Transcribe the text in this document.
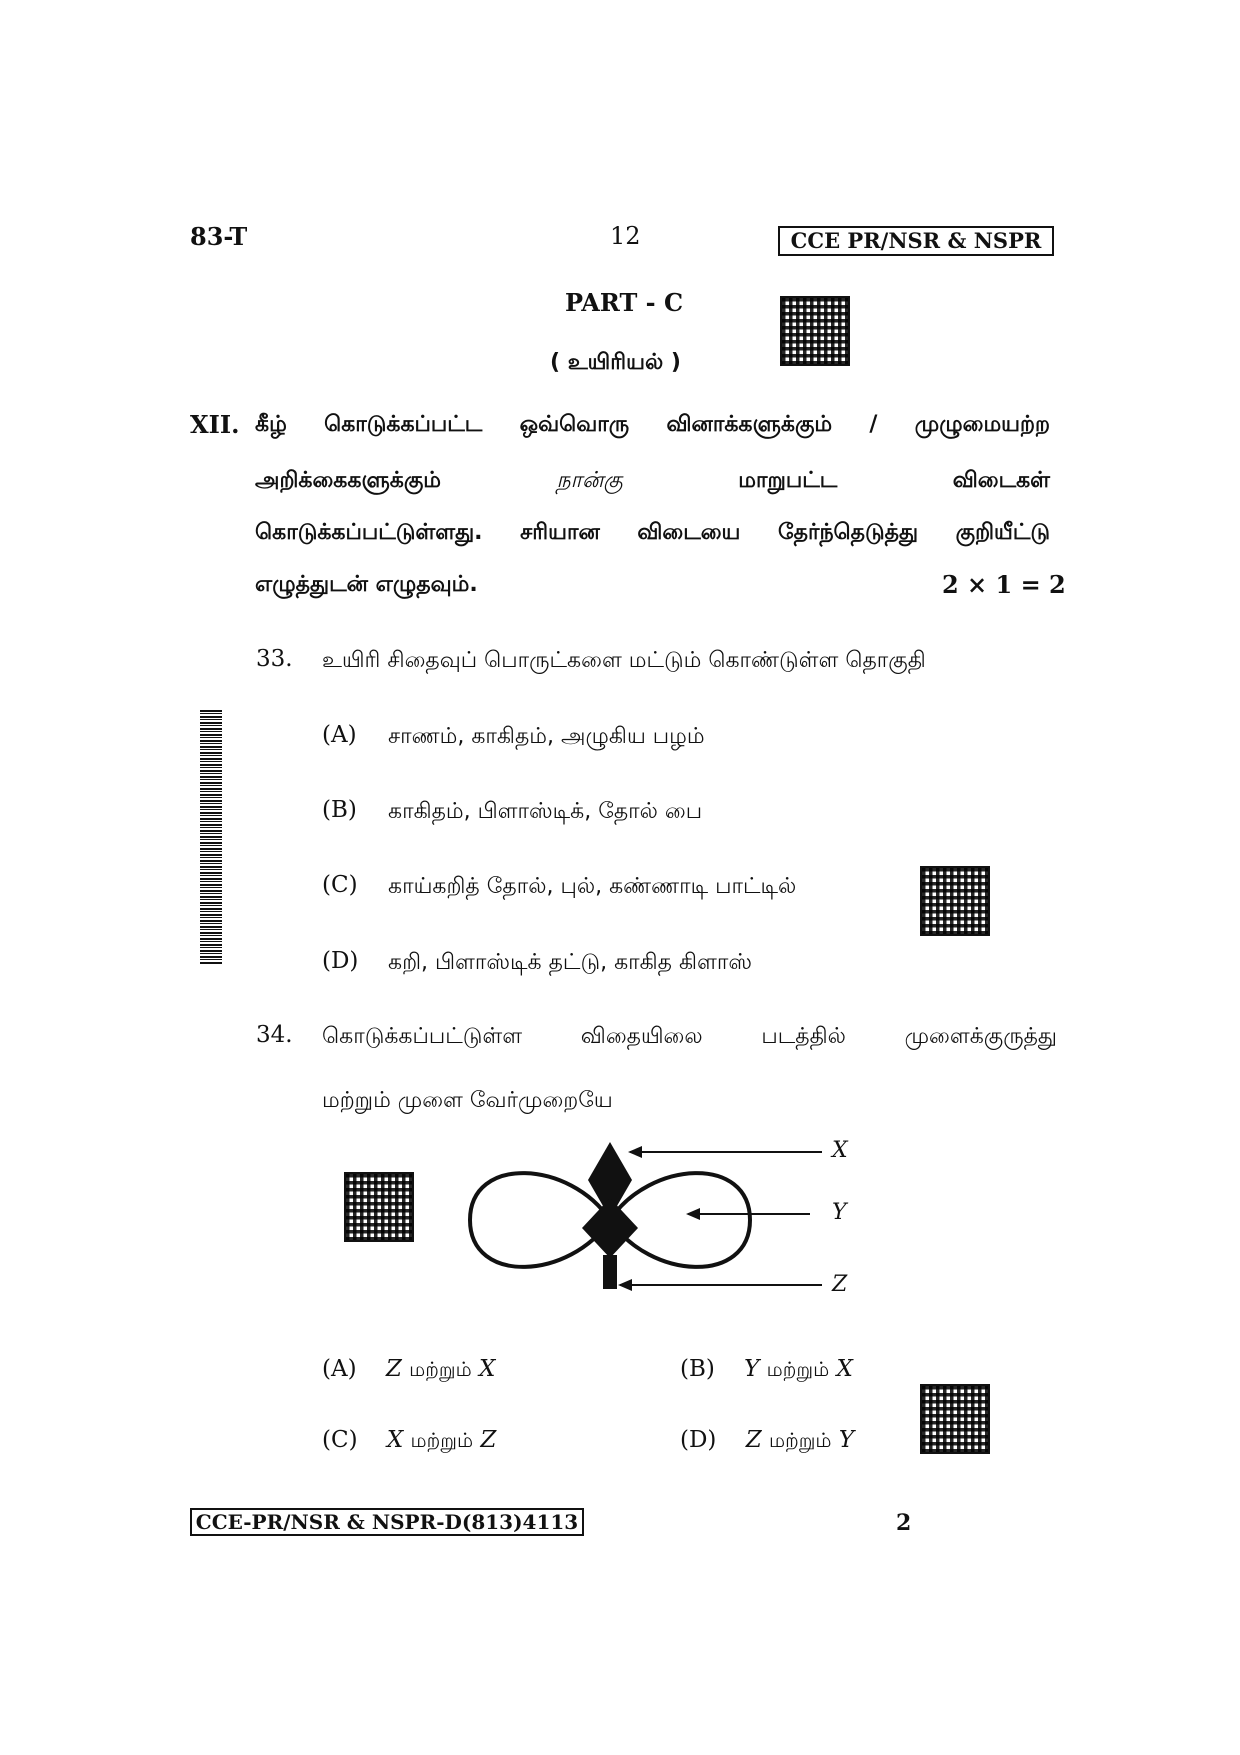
83-T	12	CCE PR/NSR & NSPR
PART - C
( உயிரியல் )
XII. கீழ் கொடுக்கப்பட்ட ஒவ்வொரு வினாக்களுக்கும் / முழுமையற்ற
அறிக்கைகளுக்கும்	நான்கு	மாறுபட்ட	விடைகள்
கொடுக்கப்பட்டுள்ளது. சரியான விடையை தேர்ந்தெடுத்து குறியீட்டு
எழுத்துடன் எழுதவும்.	2 × 1 = 2
33. உயிரி சிதைவுப் பொருட்களை மட்டும் கொண்டுள்ள தொகுதி
(A) சாணம், காகிதம், அழுகிய பழம்
(B) காகிதம், பிளாஸ்டிக், தோல் பை
(C) காய்கறித் தோல், புல், கண்ணாடி பாட்டில்
(D) கறி, பிளாஸ்டிக் தட்டு, காகித கிளாஸ்
34. கொடுக்கப்பட்டுள்ள	விதையிலை	படத்தில்	முளைக்குருத்து
மற்றும் முளை வேர்முறையே
X
Y
Z
(A) Z மற்றும் X	(B) Y மற்றும் X
(C) X மற்றும் Z	(D) Z மற்றும் Y
CCE-PR/NSR & NSPR-D(813)4113	2
